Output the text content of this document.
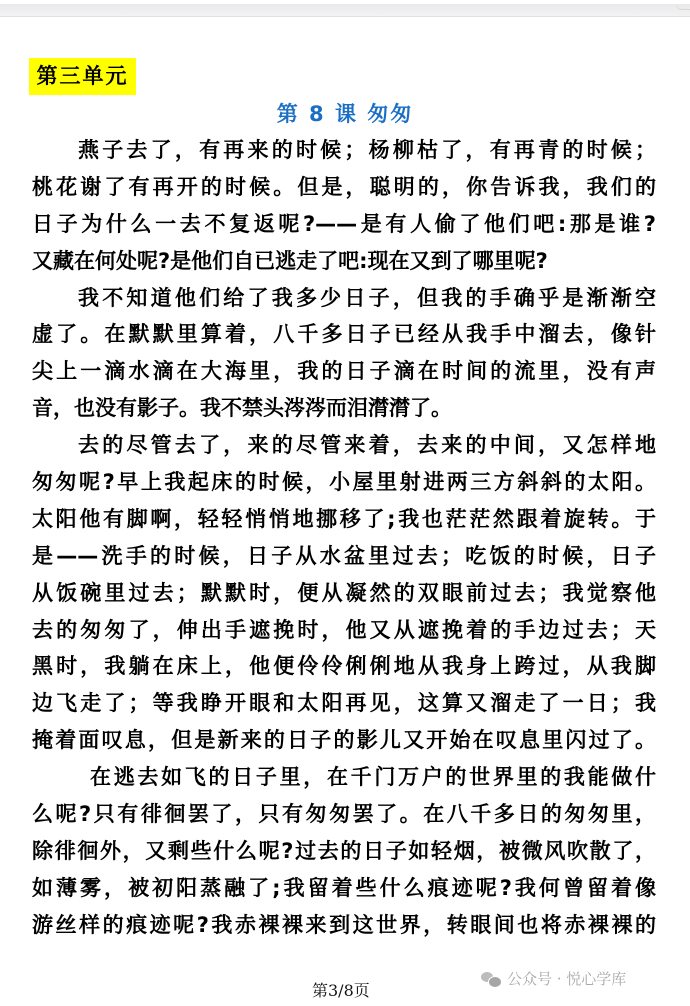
第三单元
第 8 课 匆匆
燕子去了，有再来的时候；杨柳枯了，有再青的时候；
桃花谢了有再开的时候。但是，聪明的，你告诉我，我们的
日子为什么一去不复返呢?——是有人偷了他们吧:那是谁?
又藏在何处呢?是他们自已逃走了吧:现在又到了哪里呢?
我不知道他们给了我多少日子，但我的手确乎是渐渐空
虚了。在默默里算着，八千多日子已经从我手中溜去，像针
尖上一滴水滴在大海里，我的日子滴在时间的流里，没有声
音，也没有影子。我不禁头涔涔而泪潸潸了。
去的尽管去了，来的尽管来着，去来的中间，又怎样地
匆匆呢?早上我起床的时候，小屋里射进两三方斜斜的太阳。
太阳他有脚啊，轻轻悄悄地挪移了;我也茫茫然跟着旋转。于
是——洗手的时候，日子从水盆里过去；吃饭的时候，日子
从饭碗里过去；默默时，便从凝然的双眼前过去；我觉察他
去的匆匆了，伸出手遮挽时，他又从遮挽着的手边过去；天
黑时，我躺在床上，他便伶伶俐俐地从我身上跨过，从我脚
边飞走了；等我睁开眼和太阳再见，这算又溜走了一日；我
掩着面叹息，但是新来的日子的影儿又开始在叹息里闪过了。
在逃去如飞的日子里，在千门万户的世界里的我能做什
么呢?只有徘徊罢了，只有匆匆罢了。在八千多日的匆匆里，
除徘徊外，又剩些什么呢?过去的日子如轻烟，被微风吹散了，
如薄雾，被初阳蒸融了;我留着些什么痕迹呢?我何曾留着像
游丝样的痕迹呢?我赤裸裸来到这世界，转眼间也将赤裸裸的
第3/8页
公众号 · 悦心学库
